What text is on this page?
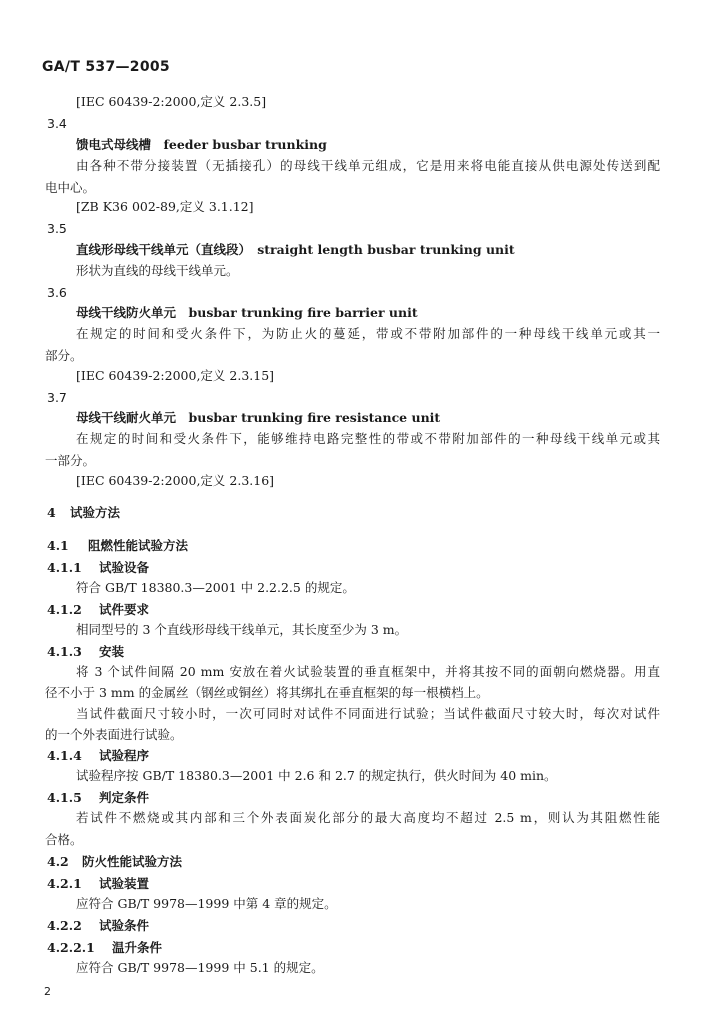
GA/T 537—2005
[IEC 60439-2:2000,定义 2.3.5]
3.4
馈电式母线槽　feeder busbar trunking
由各种不带分接装置（无插接孔）的母线干线单元组成，它是用来将电能直接从供电源处传送到配
电中心。
[ZB K36 002-89,定义 3.1.12]
3.5
直线形母线干线单元（直线段）　straight length busbar trunking unit
形状为直线的母线干线单元。
3.6
母线干线防火单元　busbar trunking fire barrier unit
在规定的时间和受火条件下，为防止火的蔓延，带或不带附加部件的一种母线干线单元或其一
部分。
[IEC 60439-2:2000,定义 2.3.15]
3.7
母线干线耐火单元　busbar trunking fire resistance unit
在规定的时间和受火条件下，能够维持电路完整性的带或不带附加部件的一种母线干线单元或其
一部分。
[IEC 60439-2:2000,定义 2.3.16]
4 试验方法
4.1 阻燃性能试验方法
4.1.1 试验设备
符合 GB/T 18380.3—2001 中 2.2.2.5 的规定。
4.1.2 试件要求
相同型号的 3 个直线形母线干线单元，其长度至少为 3 m。
4.1.3 安装
将 3 个试件间隔 20 mm 安放在着火试验装置的垂直框架中，并将其按不同的面朝向燃烧器。用直
径不小于 3 mm 的金属丝（钢丝或铜丝）将其绑扎在垂直框架的每一根横档上。
当试件截面尺寸较小时，一次可同时对试件不同面进行试验；当试件截面尺寸较大时，每次对试件
的一个外表面进行试验。
4.1.4 试验程序
试验程序按 GB/T 18380.3—2001 中 2.6 和 2.7 的规定执行，供火时间为 40 min。
4.1.5 判定条件
若试件不燃烧或其内部和三个外表面炭化部分的最大高度均不超过 2.5 m，则认为其阻燃性能
合格。
4.2 防火性能试验方法
4.2.1 试验装置
应符合 GB/T 9978—1999 中第 4 章的规定。
4.2.2 试验条件
4.2.2.1 温升条件
应符合 GB/T 9978—1999 中 5.1 的规定。
2
